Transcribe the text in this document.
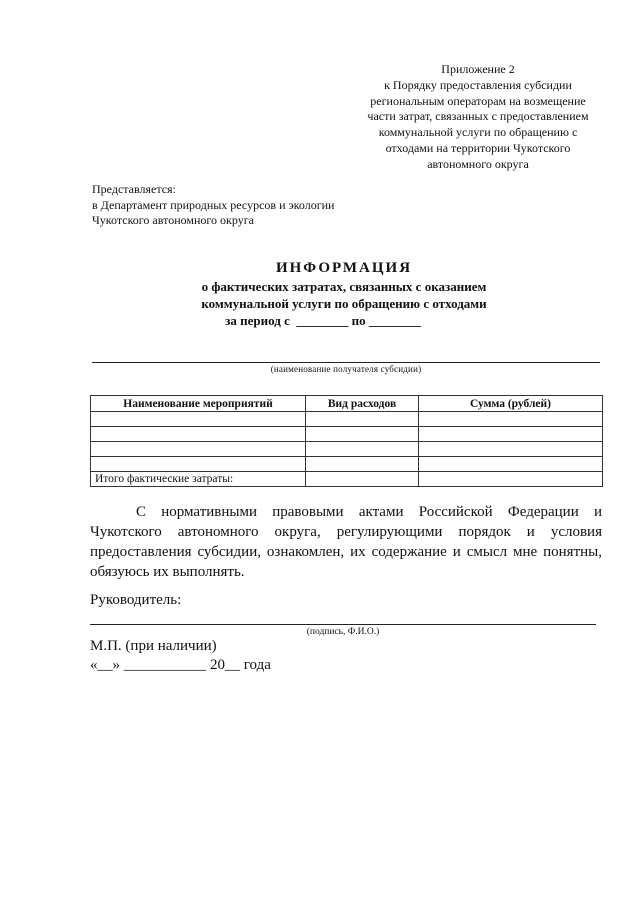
Приложение 2
к Порядку предоставления субсидии
региональным операторам на возмещение
части затрат, связанных с предоставлением
коммунальной услуги по обращению с
отходами на территории Чукотского
автономного округа
Представляется:
в Департамент природных ресурсов и экологии
Чукотского автономного округа
ИНФОРМАЦИЯ
о фактических затратах, связанных с оказанием
коммунальной услуги по обращению с отходами
за период с  ________ по ________
(наименование получателя субсидии)
Наименование мероприятий	Вид расходов	Сумма (рублей)

Итого фактические затраты:		
С нормативными правовыми актами Российской Федерации и Чукотского автономного округа, регулирующими порядок и условия предоставления субсидии, ознакомлен, их содержание и смысл мне понятны, обязуюсь их выполнять.
Руководитель:
(подпись, Ф.И.О.)
М.П. (при наличии)
«__» ___________ 20__ года
